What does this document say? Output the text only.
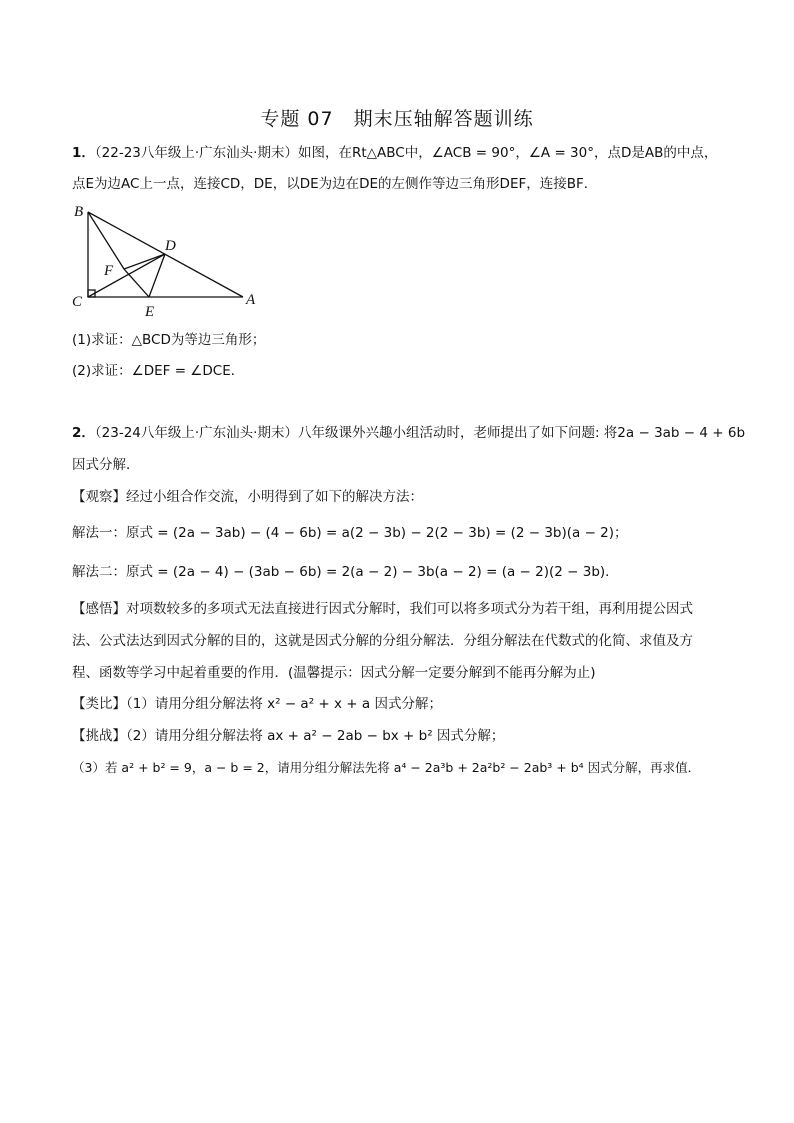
专题 07　期末压轴解答题训练
1．（22-23八年级上·广东汕头·期末）如图，在Rt△ABC中，∠ACB = 90°，∠A = 30°，点D是AB的中点，
点E为边AC上一点，连接CD，DE，以DE为边在DE的左侧作等边三角形DEF，连接BF．
B
C	A
D
E
F
(1)求证：△BCD为等边三角形；
(2)求证：∠DEF = ∠DCE．
2．（23-24八年级上·广东汕头·期末）八年级课外兴趣小组活动时，老师提出了如下问题: 将2a − 3ab − 4 + 6b
因式分解．
【观察】经过小组合作交流，小明得到了如下的解决方法：
解法一：原式 = (2a − 3ab) − (4 − 6b) = a(2 − 3b) − 2(2 − 3b) = (2 − 3b)(a − 2)；
解法二：原式 = (2a − 4) − (3ab − 6b) = 2(a − 2) − 3b(a − 2) = (a − 2)(2 − 3b)．
【感悟】对项数较多的多项式无法直接进行因式分解时，我们可以将多项式分为若干组，再利用提公因式
法、公式法达到因式分解的目的，这就是因式分解的分组分解法．分组分解法在代数式的化简、求值及方
程、函数等学习中起着重要的作用．(温馨提示：因式分解一定要分解到不能再分解为止)
【类比】（1）请用分组分解法将 x² − a² + x + a 因式分解；
【挑战】（2）请用分组分解法将 ax + a² − 2ab − bx + b² 因式分解；
（3）若 a² + b² = 9，a − b = 2，请用分组分解法先将 a⁴ − 2a³b + 2a²b² − 2ab³ + b⁴ 因式分解，再求值．
